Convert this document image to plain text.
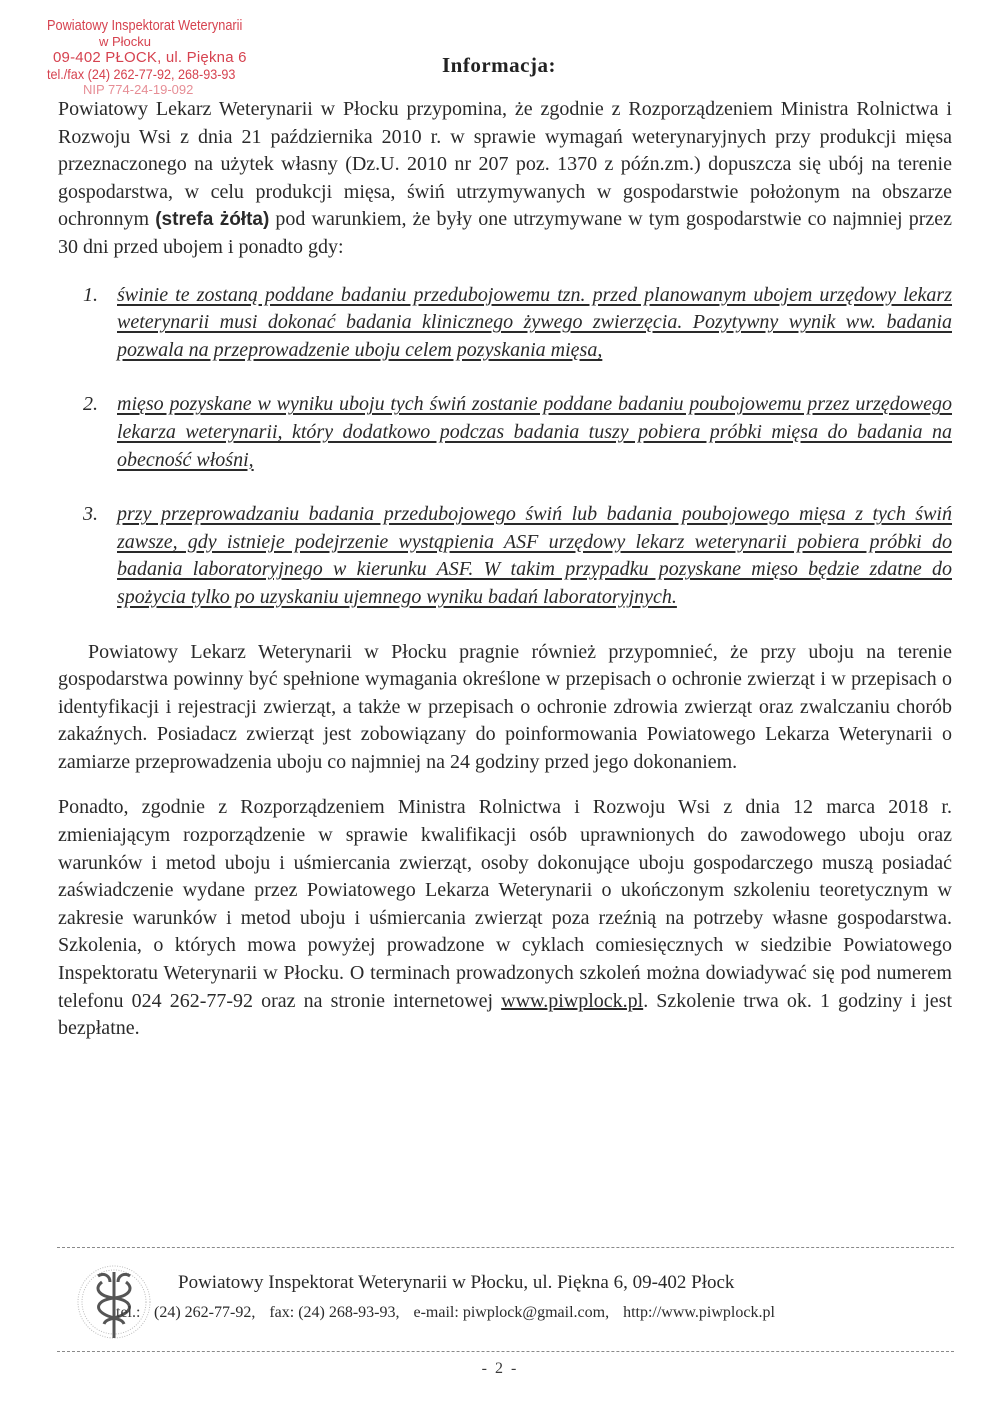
Powiatowy Inspektorat Weterynarii
w Płocku
09-402 PŁOCK, ul. Piękna 6
tel./fax (24) 262-77-92, 268-93-93
NIP 774-24-19-092
Informacja:

Powiatowy Lekarz Weterynarii w Płocku przypomina, że zgodnie z Rozporządzeniem Ministra Rolnictwa i Rozwoju Wsi z dnia 21 października 2010 r. w sprawie wymagań weterynaryjnych przy produkcji mięsa przeznaczonego na użytek własny (Dz.U. 2010 nr 207 poz. 1370 z późn.zm.) dopuszcza się ubój na terenie gospodarstwa, w celu produkcji mięsa, świń utrzymywanych w gospodarstwie położonym na obszarze ochronnym (strefa żółta) pod warunkiem, że były one utrzymywane w tym gospodarstwie co najmniej przez 30 dni przed ubojem i ponadto gdy:

1. świnie te zostaną poddane badaniu przedubojowemu tzn. przed planowanym ubojem urzędowy lekarz weterynarii musi dokonać badania klinicznego żywego zwierzęcia. Pozytywny wynik ww. badania pozwala na przeprowadzenie uboju celem pozyskania mięsa,
2. mięso pozyskane w wyniku uboju tych świń zostanie poddane badaniu poubojowemu przez urzędowego lekarza weterynarii, który dodatkowo podczas badania tuszy pobiera próbki mięsa do badania na obecność włośni,
3. przy przeprowadzaniu badania przedubojowego świń lub badania poubojowego mięsa z tych świń zawsze, gdy istnieje podejrzenie wystąpienia ASF urzędowy lekarz weterynarii pobiera próbki do badania laboratoryjnego w kierunku ASF. W takim przypadku pozyskane mięso będzie zdatne do spożycia tylko po uzyskaniu ujemnego wyniku badań laboratoryjnych.

Powiatowy Lekarz Weterynarii w Płocku pragnie również przypomnieć, że przy uboju na terenie gospodarstwa powinny być spełnione wymagania określone w przepisach o ochronie zwierząt i w przepisach o identyfikacji i rejestracji zwierząt, a także w przepisach o ochronie zdrowia zwierząt oraz zwalczaniu chorób zakaźnych. Posiadacz zwierząt jest zobowiązany do poinformowania Powiatowego Lekarza Weterynarii o zamiarze przeprowadzenia uboju co najmniej na 24 godziny przed jego dokonaniem.

Ponadto, zgodnie z Rozporządzeniem Ministra Rolnictwa i Rozwoju Wsi z dnia 12 marca 2018 r. zmieniającym rozporządzenie w sprawie kwalifikacji osób uprawnionych do zawodowego uboju oraz warunków i metod uboju i uśmiercania zwierząt, osoby dokonujące uboju gospodarczego muszą posiadać zaświadczenie wydane przez Powiatowego Lekarza Weterynarii o ukończonym szkoleniu teoretycznym w zakresie warunków i metod uboju i uśmiercania zwierząt poza rzeźnią na potrzeby własne gospodarstwa. Szkolenia, o których mowa powyżej prowadzone w cyklach comiesięcznych w siedzibie Powiatowego Inspektoratu Weterynarii w Płocku. O terminach prowadzonych szkoleń można dowiadywać się pod numerem telefonu 024 262-77-92 oraz na stronie internetowej www.piwplock.pl. Szkolenie trwa ok. 1 godziny i jest bezpłatne.

Powiatowy Inspektorat Weterynarii w Płocku, ul. Piękna 6, 09-402 Płock
tel.: (24) 262-77-92, fax: (24) 268-93-93, e-mail: piwplock@gmail.com, http://www.piwplock.pl
- 2 -
